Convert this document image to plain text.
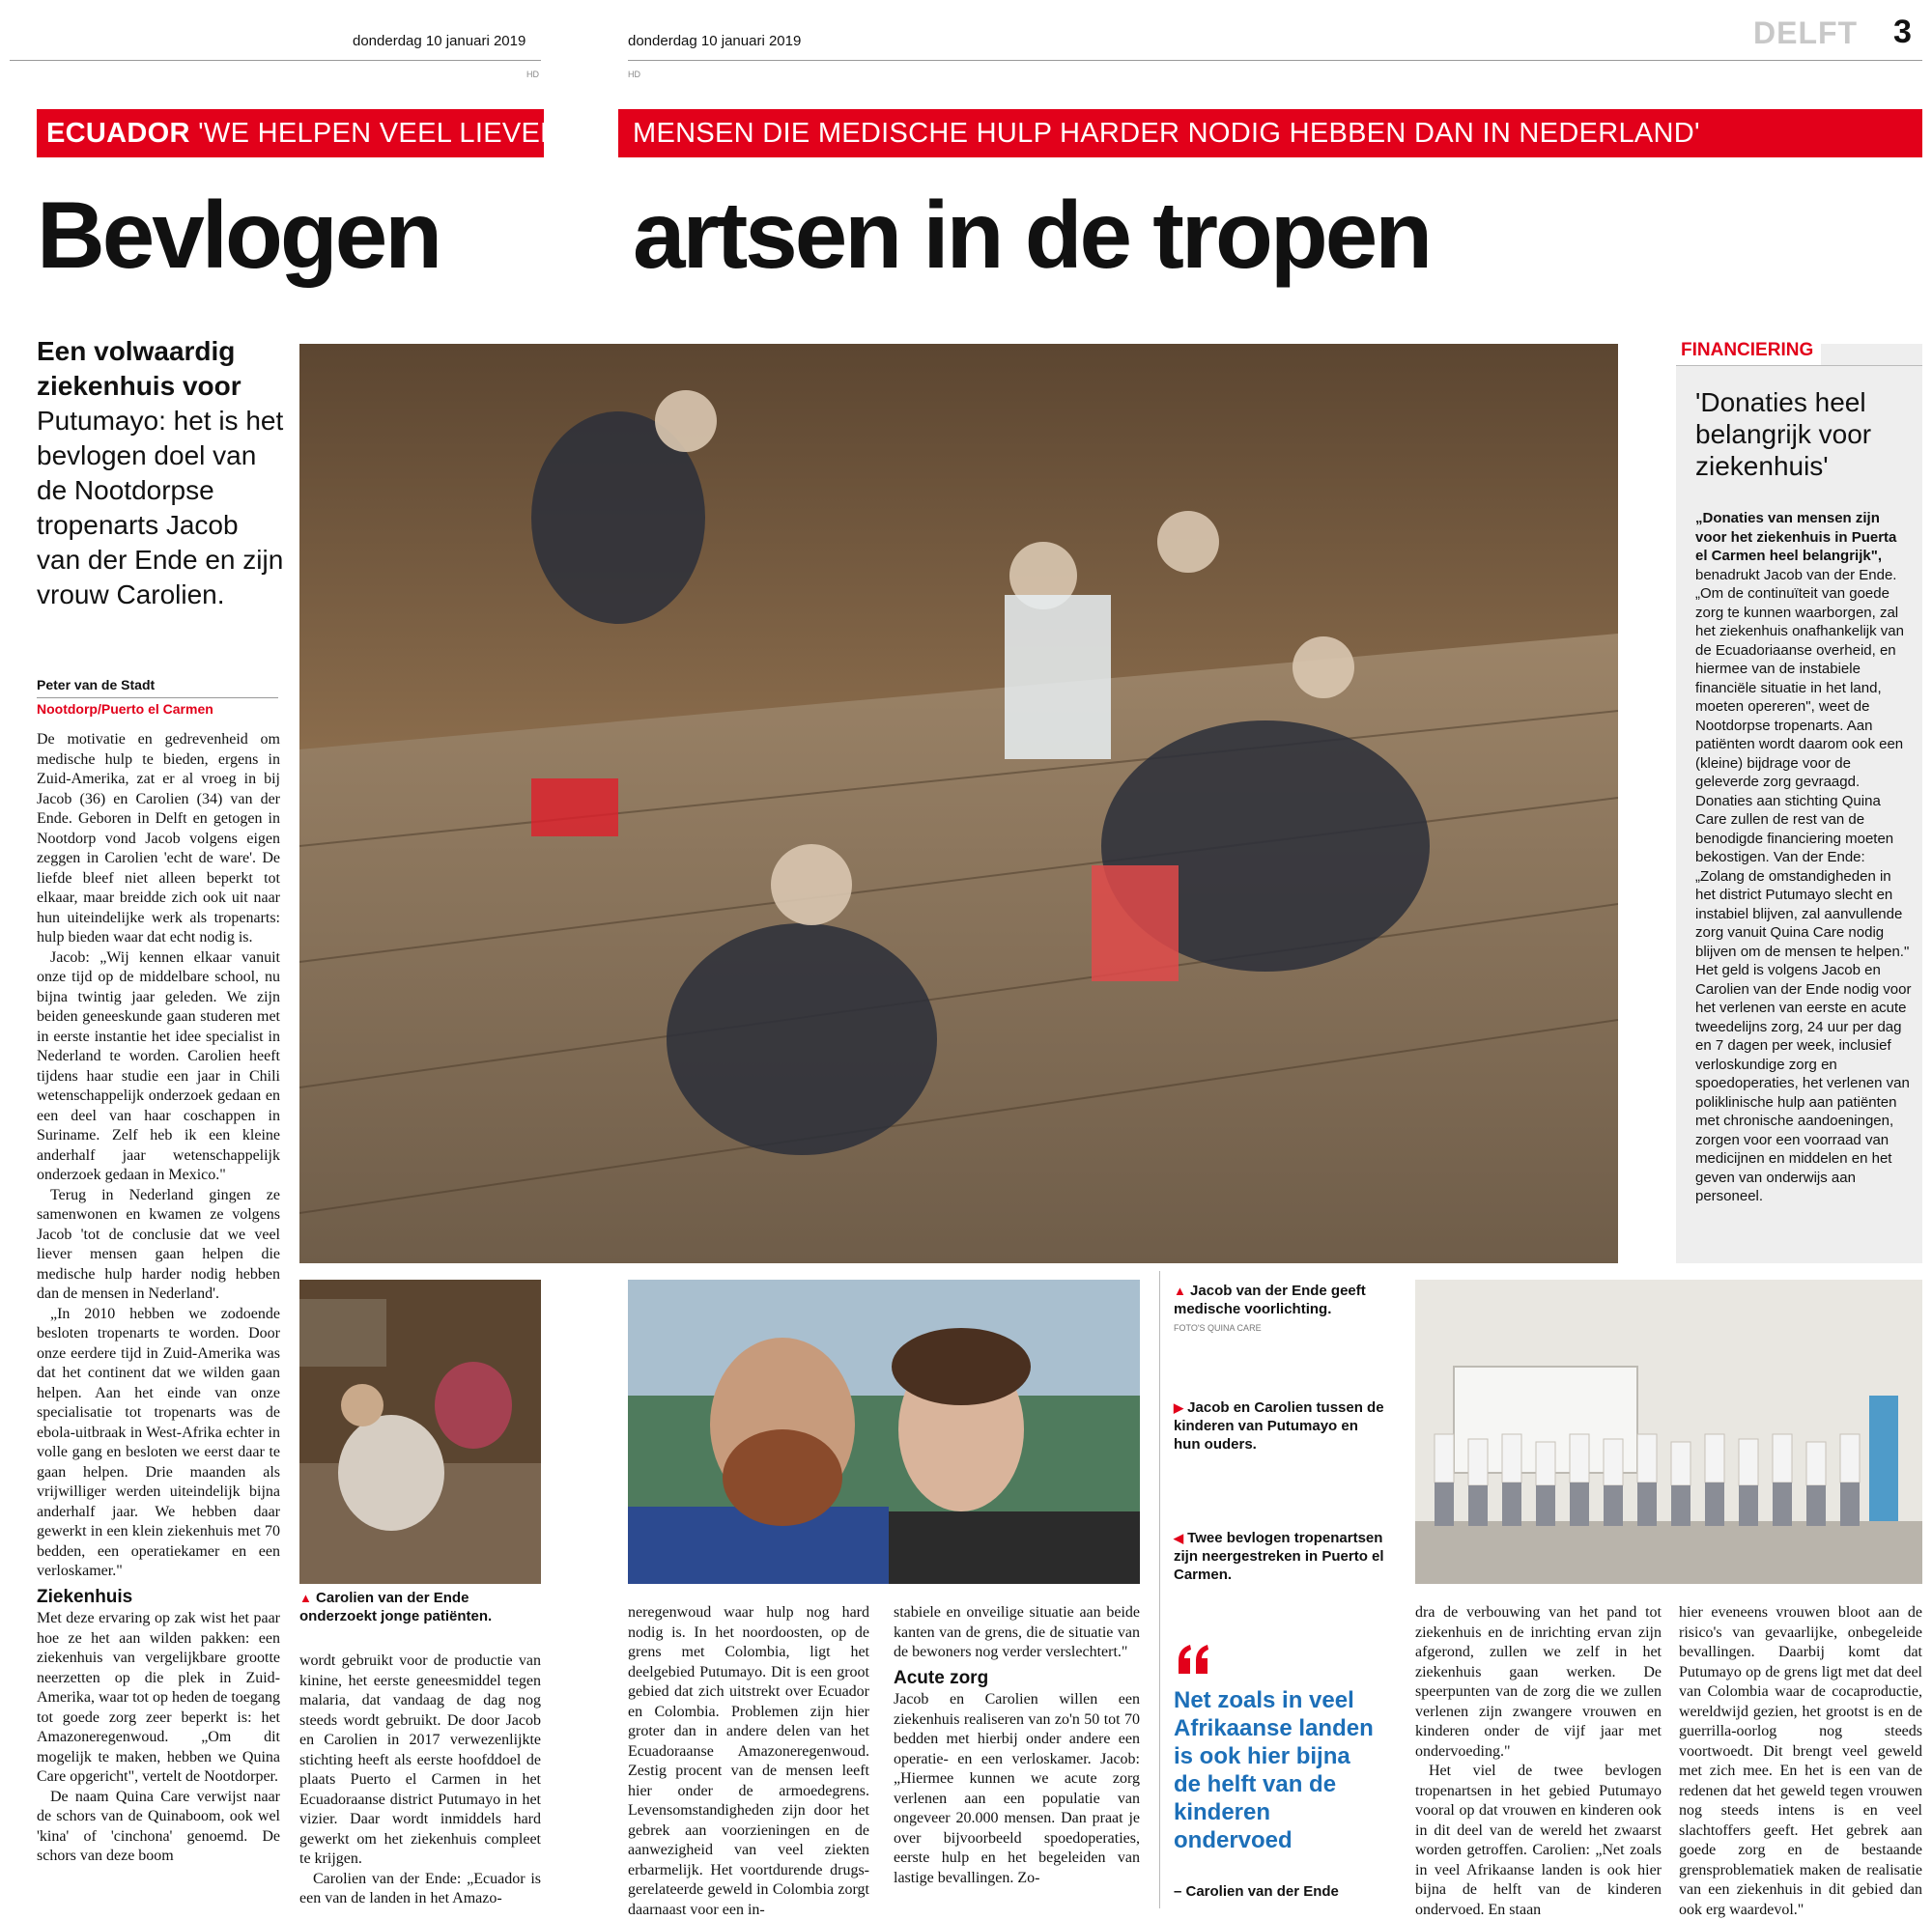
donderdag 10 januari 2019	donderdag 10 januari 2019
HD	HD
DELFT 3
ECUADOR 'WE HELPEN VEEL LIEVER	MENSEN DIE MEDISCHE HULP HARDER NODIG HEBBEN DAN IN NEDERLAND'
Bevlogen artsen in de tropen
Een volwaardig ziekenhuis voor Putumayo: het is het bevlogen doel van de Nootdorpse tropenarts Jacob van der Ende en zijn vrouw Carolien.
Peter van de Stadt
Nootdorp/Puerto el Carmen

De motivatie en gedrevenheid om medische hulp te bieden, ergens in Zuid-Amerika, zat er al vroeg in bij Jacob (36) en Carolien (34) van der Ende. Geboren in Delft en getogen in Nootdorp vond Jacob volgens eigen zeggen in Carolien 'echt de ware'. De liefde bleef niet alleen beperkt tot elkaar, maar breidde zich ook uit naar hun uiteindelijke werk als tropenarts: hulp bieden waar dat echt nodig is.

Jacob: „Wij kennen elkaar vanuit onze tijd op de middelbare school, nu bijna twintig jaar geleden. We zijn beiden geneeskunde gaan studeren met in eerste instantie het idee specialist in Nederland te worden. Carolien heeft tijdens haar studie een jaar in Chili wetenschappelijk onderzoek gedaan en een deel van haar coschappen in Suriname. Zelf heb ik een kleine anderhalf jaar wetenschappelijk onderzoek gedaan in Mexico."

Terug in Nederland gingen ze samenwonen en kwamen ze volgens Jacob 'tot de conclusie dat we veel liever mensen gaan helpen die medische hulp harder nodig hebben dan de mensen in Nederland'.

„In 2010 hebben we zodoende besloten tropenarts te worden. Door onze eerdere tijd in Zuid-Amerika was dat het continent dat we wilden gaan helpen. Aan het einde van onze specialisatie tot tropenarts was de ebola-uitbraak in West-Afrika echter in volle gang en besloten we eerst daar te gaan helpen. Drie maanden als vrijwilliger werden uiteindelijk bijna anderhalf jaar. We hebben daar gewerkt in een klein ziekenhuis met 70 bedden, een operatiekamer en een verloskamer."

Ziekenhuis

Met deze ervaring op zak wist het paar hoe ze het aan wilden pakken: een ziekenhuis van vergelijkbare grootte neerzetten op die plek in Zuid-Amerika, waar tot op heden de toegang tot goede zorg zeer beperkt is: het Amazoneregenwoud. „Om dit mogelijk te maken, hebben we Quina Care opgericht", vertelt de Nootdorper.

De naam Quina Care verwijst naar de schors van de Quinaboom, ook wel 'kina' of 'cinchona' genoemd. De schors van deze boom

FINANCIERING
'Donaties heel belangrijk voor ziekenhuis'
„Donaties van mensen zijn voor het ziekenhuis in Puerta el Carmen heel belangrijk", benadrukt Jacob van der Ende. „Om de continuïteit van goede zorg te kunnen waarborgen, zal het ziekenhuis onafhankelijk van de Ecuadoriaanse overheid, en hiermee van de instabiele financiële situatie in het land, moeten opereren", weet de Nootdorpse tropenarts. Aan patiënten wordt daarom ook een (kleine) bijdrage voor de geleverde zorg gevraagd. Donaties aan stichting Quina Care zullen de rest van de benodigde financiering moeten bekostigen. Van der Ende: „Zolang de omstandigheden in het district Putumayo slecht en instabiel blijven, zal aanvullende zorg vanuit Quina Care nodig blijven om de mensen te helpen."
Het geld is volgens Jacob en Carolien van der Ende nodig voor het verlenen van eerste en acute tweedelijns zorg, 24 uur per dag en 7 dagen per week, inclusief verloskundige zorg en spoedoperaties, het verlenen van poliklinische hulp aan patiënten met chronische aandoeningen, zorgen voor een voorraad van medicijnen en middelen en het geven van onderwijs aan personeel.
▲ Carolien van der Ende onderzoekt jonge patiënten.

wordt gebruikt voor de productie van kinine, het eerste geneesmiddel tegen malaria, dat vandaag de dag nog steeds wordt gebruikt. De door Jacob en Carolien in 2017 verwezenlijkte stichting heeft als eerste hoofddoel de plaats Puerto el Carmen in het Ecuadoraanse district Putumayo in het vizier. Daar wordt inmiddels hard gewerkt om het ziekenhuis compleet te krijgen.

Carolien van der Ende: „Ecuador is een van de landen in het Amazo-

neregenwoud waar hulp nog hard nodig is. In het noordoosten, op de grens met Colombia, ligt het deelgebied Putumayo. Dit is een groot gebied dat zich uitstrekt over Ecuador en Colombia. Problemen zijn hier groter dan in andere delen van het Ecuadoraanse Amazoneregenwoud. Zestig procent van de mensen leeft hier onder de armoedegrens. Levensomstandigheden zijn door het gebrek aan voorzieningen en de aanwezigheid van veel ziekten erbarmelijk. Het voortdurende drugs-gerelateerde geweld in Colombia zorgt daarnaast voor een in-

stabiele en onveilige situatie aan beide kanten van de grens, die de situatie van de bewoners nog verder verslechtert."

Acute zorg

Jacob en Carolien willen een ziekenhuis realiseren van zo'n 50 tot 70 bedden met hierbij onder andere een operatie- en een verloskamer. Jacob: „Hiermee kunnen we acute zorg verlenen aan een populatie van ongeveer 20.000 mensen. Dan praat je over bijvoorbeeld spoedoperaties, eerste hulp en het begeleiden van lastige bevallingen. Zo-

▲ Jacob van der Ende geeft medische voorlichting.
FOTO'S QUINA CARE
▶ Jacob en Carolien tussen de kinderen van Putumayo en hun ouders.
◀ Twee bevlogen tropenartsen zijn neergestreken in Puerto el Carmen.
Net zoals in veel Afrikaanse landen is ook hier bijna de helft van de kinderen ondervoed
– Carolien van der Ende

dra de verbouwing van het pand tot ziekenhuis en de inrichting ervan zijn afgerond, zullen we zelf in het ziekenhuis gaan werken. De speerpunten van de zorg die we zullen verlenen zijn zwangere vrouwen en kinderen onder de vijf jaar met ondervoeding."

Het viel de twee bevlogen tropenartsen in het gebied Putumayo vooral op dat vrouwen en kinderen ook in dit deel van de wereld het zwaarst worden getroffen. Carolien: „Net zoals in veel Afrikaanse landen is ook hier bijna de helft van de kinderen ondervoed. En staan

hier eveneens vrouwen bloot aan de risico's van gevaarlijke, onbegeleide bevallingen. Daarbij komt dat Putumayo op de grens ligt met dat deel van Colombia waar de cocaproductie, wereldwijd gezien, het grootst is en de guerrilla-oorlog nog steeds voortwoedt. Dit brengt veel geweld met zich mee. En het is een van de redenen dat het geweld tegen vrouwen nog steeds intens is en veel slachtoffers geeft. Het gebrek aan goede zorg en de bestaande grensproblematiek maken de realisatie van een ziekenhuis in dit gebied dan ook erg waardevol."
